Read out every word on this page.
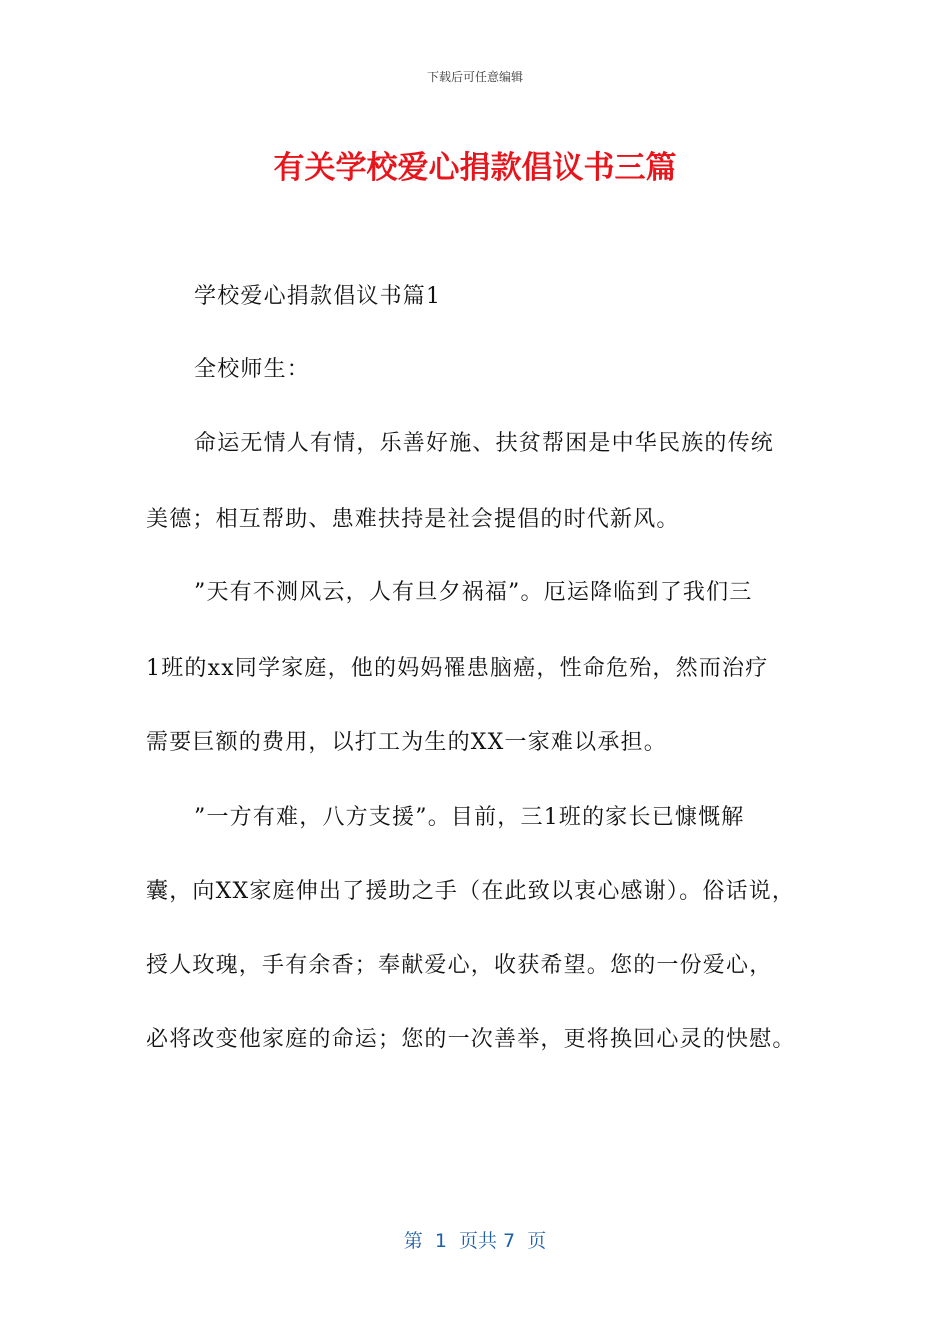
下载后可任意编辑
有关学校爱心捐款倡议书三篇
学校爱心捐款倡议书篇1
全校师生：
命运无情人有情，乐善好施、扶贫帮困是中华民族的传统
美德；相互帮助、患难扶持是社会提倡的时代新风。
”天有不测风云，人有旦夕祸福”。厄运降临到了我们三
1班的xx同学家庭，他的妈妈罹患脑癌，性命危殆，然而治疗
需要巨额的费用，以打工为生的XX一家难以承担。
”一方有难，八方支援”。目前，三1班的家长已慷慨解
囊，向XX家庭伸出了援助之手（在此致以衷心感谢）。俗话说，
授人玫瑰，手有余香；奉献爱心，收获希望。您的一份爱心，
必将改变他家庭的命运；您的一次善举，更将换回心灵的快慰。
第  1  页共 7  页
